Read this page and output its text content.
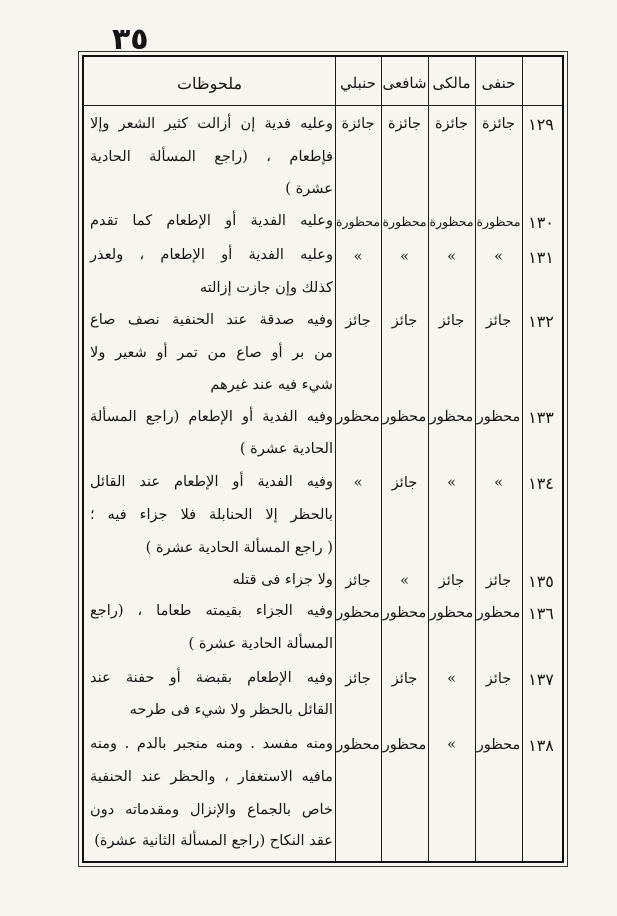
٣٥
ملحوظات	حنبلي شافعى مالكى حنفى
١٢٩
جائزة
جائزة
جائزة
جائزة
وعليه فدية إن أزالت كثير الشعر وإلا
فإطعام ، (راجع المسألة الحادية
عشرة )
١٣٠
محظورة
محظورة
محظورة
محظورة
وعليه الفدية أو الإطعام كما تقدم
١٣١
»
»
»
»
وعليه الفدية أو الإطعام ، ولعذر
كذلك وإن جازت إزالته
١٣٢
جائز
جائز
جائز
جائز
وفيه صدقة عند الحنفية نصف صاع
من بر أو صاع من تمر أو شعير ولا
شيء فيه عند غيرهم
١٣٣
محظور
محظور
محظور
محظور
وفيه الفدية أو الإطعام (راجع المسألة
الحادية عشرة )
١٣٤
»
»
جائز
»
وفيه الفدية أو الإطعام عند القائل
بالحظر إلا الحنابلة فلا جزاء فيه ؛
( راجع المسألة الحادية عشرة )
١٣٥
جائز
جائز
»
جائز
ولا جزاء فى قتله
١٣٦
محظور
محظور
محظور
محظور
وفيه الجزاء بقيمته طعاما ، (راجع
المسألة الحادية عشرة )
١٣٧
جائز
»
جائز
جائز
وفيه الإطعام بقبضة أو حفنة عند
القائل بالحظر ولا شيء فى طرحه
١٣٨
محظور
»
محظور
محظور
ومنه مفسد . ومنه منجبر بالدم . ومنه
مافيه الاستغفار ، والحظر عند الحنفية
خاص بالجماع والإنزال ومقدماته دون
عقد النكاح (راجع المسألة الثانية عشرة)
